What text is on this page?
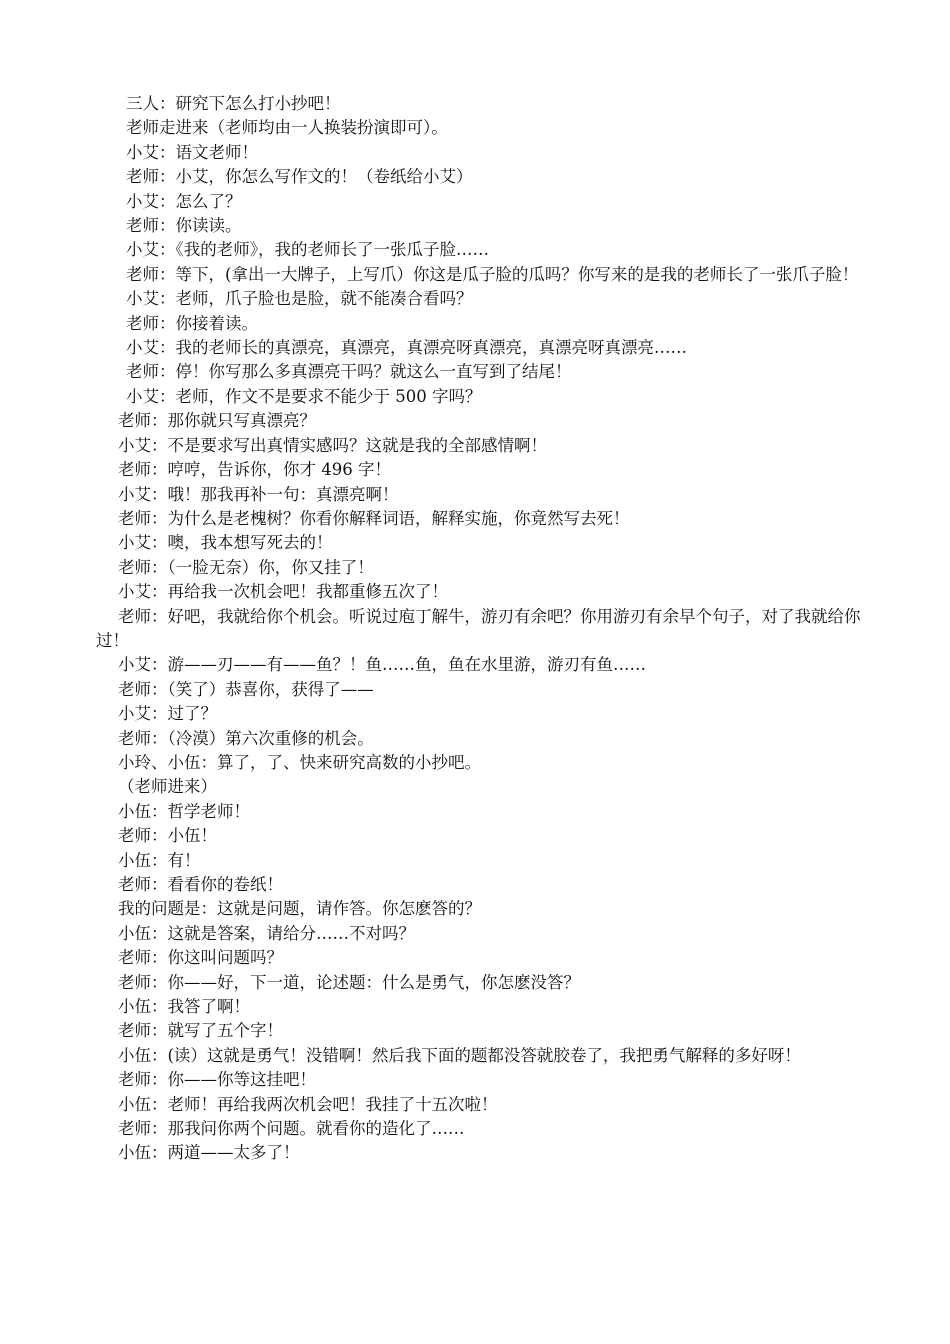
三人：研究下怎么打小抄吧！

老师走进来（老师均由一人换装扮演即可）。

小艾：语文老师！

老师：小艾，你怎么写作文的！（卷纸给小艾）

小艾：怎么了？

老师：你读读。

小艾：《我的老师》，我的老师长了一张瓜子脸……

老师：等下，(拿出一大牌子，上写爪）你这是瓜子脸的瓜吗？你写来的是我的老师长了一张爪子脸！

小艾：老师，爪子脸也是脸，就不能凑合看吗？

老师：你接着读。

小艾：我的老师长的真漂亮，真漂亮，真漂亮呀真漂亮，真漂亮呀真漂亮……

老师：停！你写那么多真漂亮干吗？就这么一直写到了结尾！

小艾：老师，作文不是要求不能少于 500 字吗？

老师：那你就只写真漂亮？

小艾：不是要求写出真情实感吗？这就是我的全部感情啊！

老师：哼哼，告诉你，你才 496 字！

小艾：哦！那我再补一句：真漂亮啊！

老师：为什么是老槐树？你看你解释词语，解释实施，你竟然写去死！

小艾：噢，我本想写死去的！

老师：（一脸无奈）你，你又挂了！

小艾：再给我一次机会吧！我都重修五次了！

老师：好吧，我就给你个机会。听说过庖丁解牛，游刃有余吧？你用游刃有余早个句子，对了我就给你过！

小艾：游——刃——有——鱼？！鱼……鱼，鱼在水里游，游刃有鱼……

老师：（笑了）恭喜你，获得了——

小艾：过了？

老师：（冷漠）第六次重修的机会。

小玲、小伍：算了，了、快来研究高数的小抄吧。

（老师进来）

小伍：哲学老师！

老师：小伍！

小伍：有！

老师：看看你的卷纸！

我的问题是：这就是问题，请作答。你怎麽答的？

小伍：这就是答案，请给分……不对吗？

老师：你这叫问题吗？

老师：你——好，下一道，论述题：什么是勇气，你怎麽没答？

小伍：我答了啊！

老师：就写了五个字！

小伍：(读）这就是勇气！没错啊！然后我下面的题都没答就胶卷了，我把勇气解释的多好呀！

老师：你——你等这挂吧！

小伍：老师！再给我两次机会吧！我挂了十五次啦！

老师：那我问你两个问题。就看你的造化了……

小伍：两道——太多了！
